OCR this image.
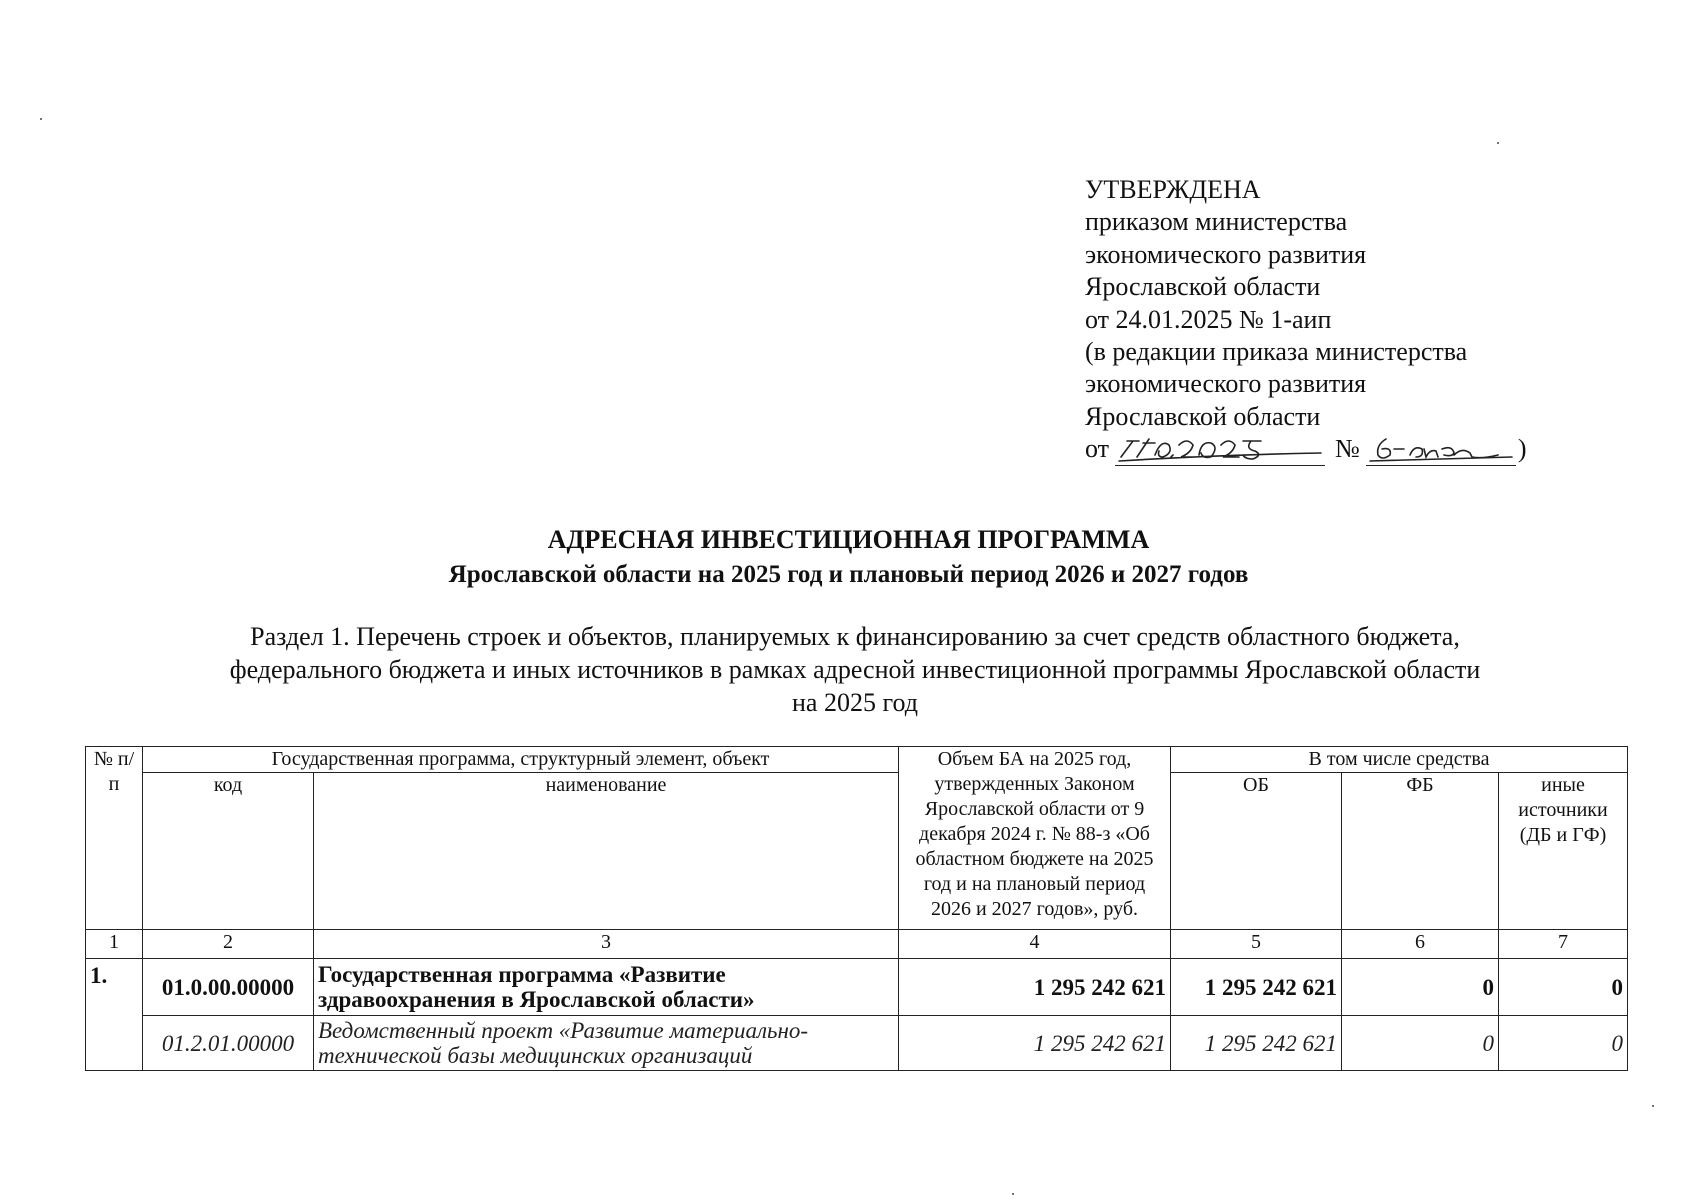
УТВЕРЖДЕНА
приказом министерства
экономического развития
Ярославской области
от 24.01.2025 № 1-аип
(в редакции приказа министерства
экономического развития
Ярославской области
от	№	)
АДРЕСНАЯ ИНВЕСТИЦИОННАЯ ПРОГРАММА
Ярославской области на 2025 год и плановый период 2026 и 2027 годов
Раздел 1. Перечень строек и объектов, планируемых к финансированию за счет средств областного бюджета,
федерального бюджета и иных источников в рамках адресной инвестиционной программы Ярославской области
на 2025 год
№ п/п	Государственная программа, структурный элемент, объект		Объем БА на 2025 год, утвержденных Законом Ярославской области от 9 декабря 2024 г. № 88-з «Об областном бюджете на 2025 год и на плановый период 2026 и 2027 годов», руб.	В том числе средства		
	код	наименование		ОБ	ФБ	иные источники (ДБ и ГФ)
1	2	3	4	5	6	7
1.	01.0.00.00000	Государственная программа «Развитие здравоохранения в Ярославской области»	1 295 242 621	1 295 242 621	0	0
	01.2.01.00000	Ведомственный проект «Развитие материально-технической базы медицинских организаций	1 295 242 621	1 295 242 621	0	0
